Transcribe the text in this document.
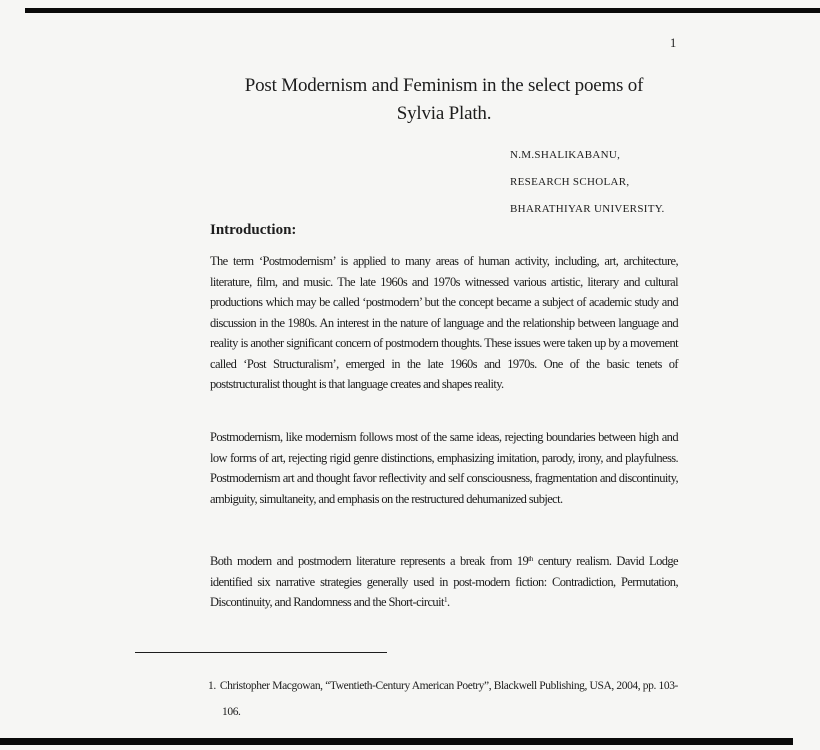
1
Post Modernism and Feminism in the select poems of
Sylvia Plath.
N.M.SHALIKABANU,
RESEARCH SCHOLAR,
BHARATHIYAR UNIVERSITY.
Introduction:

The term ‘Postmodernism’ is applied to many areas of human activity, including, art, architecture, literature, film, and music. The late 1960s and 1970s witnessed various artistic, literary and cultural productions which may be called ‘postmodern’ but the concept became a subject of academic study and discussion in the 1980s. An interest in the nature of language and the relationship between language and reality is another significant concern of postmodern thoughts. These issues were taken up by a movement called ‘Post Structuralism’, emerged in the late 1960s and 1970s. One of the basic tenets of poststructuralist thought is that language creates and shapes reality.

Postmodernism, like modernism follows most of the same ideas, rejecting boundaries between high and low forms of art, rejecting rigid genre distinctions, emphasizing imitation, parody, irony, and playfulness. Postmodernism art and thought favor reflectivity and self consciousness, fragmentation and discontinuity, ambiguity, simultaneity, and emphasis on the restructured dehumanized subject.

Both modern and postmodern literature represents a break from 19th century realism. David Lodge identified six narrative strategies generally used in post-modern fiction: Contradiction, Permutation, Discontinuity, and Randomness and the Short-circuit$^1$.

1. Christopher Macgowan, “Twentieth-Century American Poetry”, Blackwell Publishing, USA, 2004, pp. 103-106.
